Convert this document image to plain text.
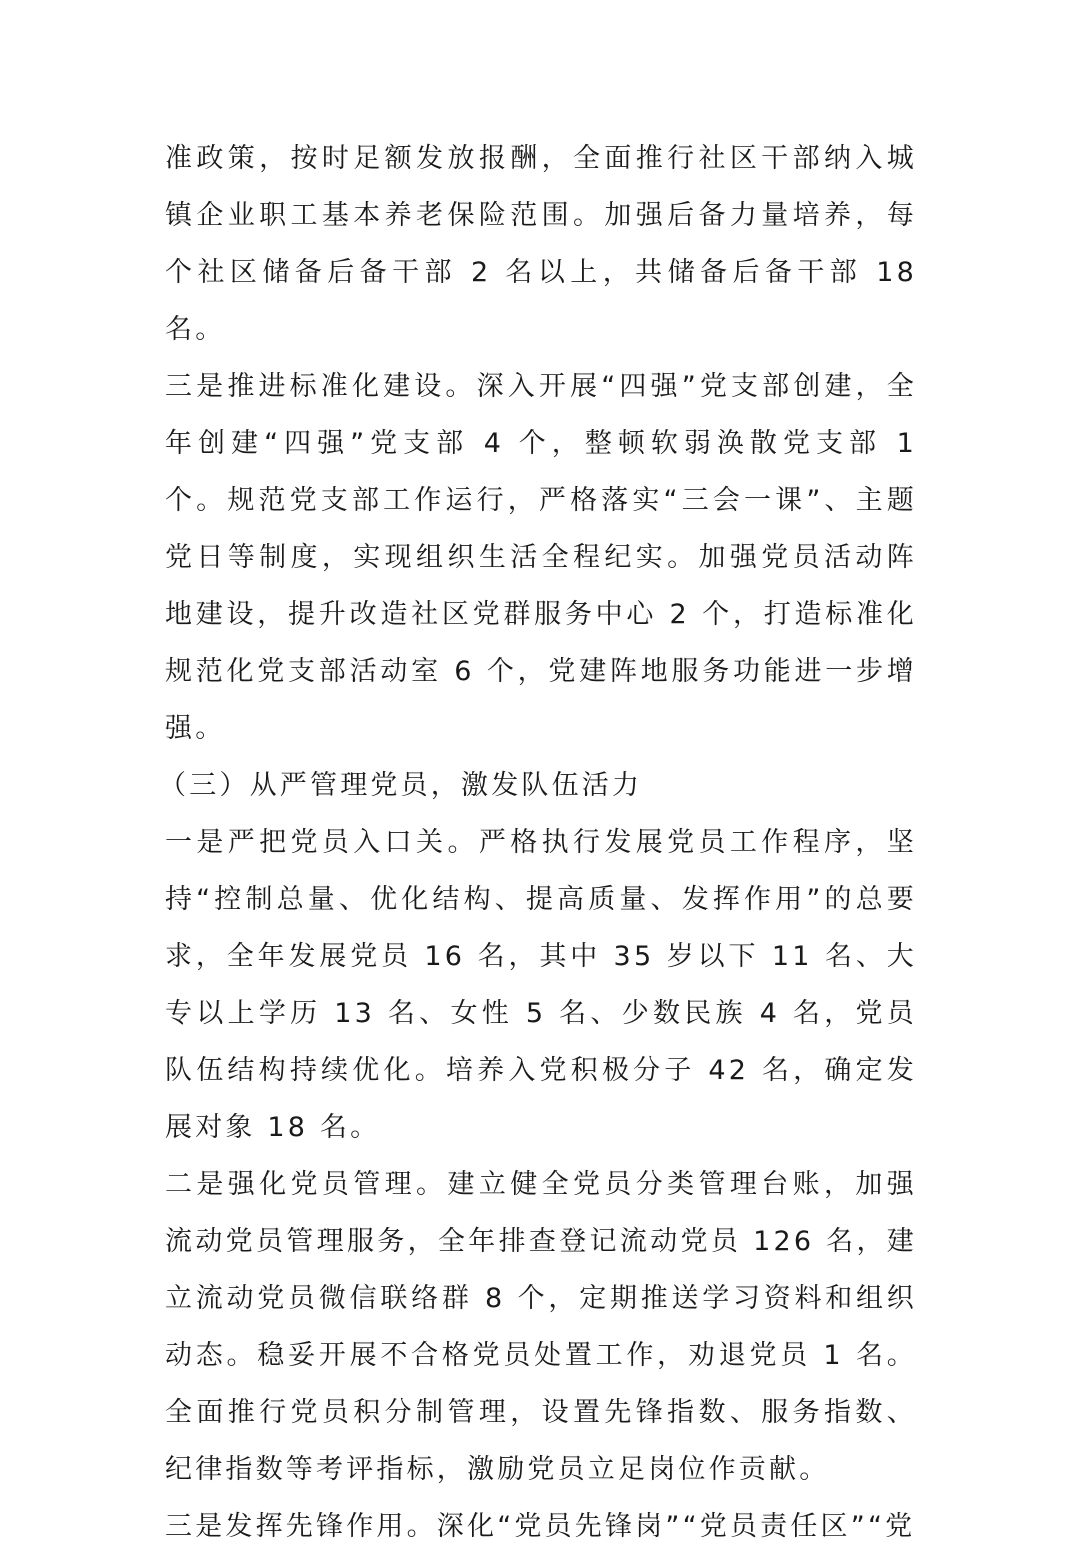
准政策，按时足额发放报酬，全面推行社区干部纳入城镇企业职工基本养老保险范围。加强后备力量培养，每个社区储备后备干部 2 名以上，共储备后备干部 18 名。

三是推进标准化建设。深入开展“四强”党支部创建，全年创建“四强”党支部 4 个，整顿软弱涣散党支部 1 个。规范党支部工作运行，严格落实“三会一课”、主题党日等制度，实现组织生活全程纪实。加强党员活动阵地建设，提升改造社区党群服务中心 2 个，打造标准化规范化党支部活动室 6 个，党建阵地服务功能进一步增强。

（三）从严管理党员，激发队伍活力

一是严把党员入口关。严格执行发展党员工作程序，坚持“控制总量、优化结构、提高质量、发挥作用”的总要求，全年发展党员 16 名，其中 35 岁以下 11 名、大专以上学历 13 名、女性 5 名、少数民族 4 名，党员队伍结构持续优化。培养入党积极分子 42 名，确定发展对象 18 名。

二是强化党员管理。建立健全党员分类管理台账，加强流动党员管理服务，全年排查登记流动党员 126 名，建立流动党员微信联络群 8 个，定期推送学习资料和组织动态。稳妥开展不合格党员处置工作，劝退党员 1 名。全面推行党员积分制管理，设置先锋指数、服务指数、纪律指数等考评指标，激励党员立足岗位作贡献。

三是发挥先锋作用。深化“党员先锋岗”“党员责任区”“党
